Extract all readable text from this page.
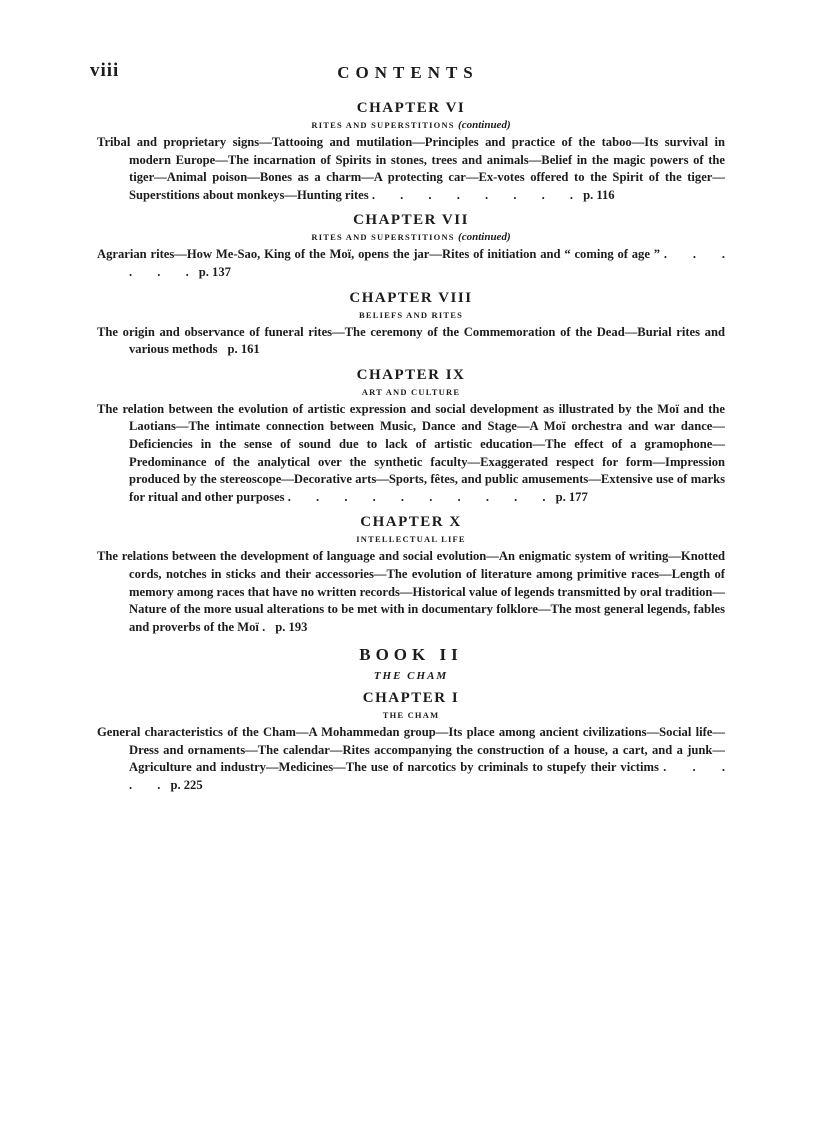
viii	CONTENTS

CHAPTER VI

RITES AND SUPERSTITIONS (continued)

Tribal and proprietary signs—Tattooing and mutilation—Principles and practice of the taboo—Its survival in modern Europe—The incarnation of Spirits in stones, trees and animals—Belief in the magic powers of the tiger—Animal poison—Bones as a charm—A protecting car—Ex-votes offered to the Spirit of the tiger—Superstitions about monkeys—Hunting rites . . . . . . . . p. 116

CHAPTER VII

RITES AND SUPERSTITIONS (continued)

Agrarian rites—How Me-Sao, King of the Moï, opens the jar—Rites of initiation and “ coming of age ” . . . . . . p. 137

CHAPTER VIII

BELIEFS AND RITES

The origin and observance of funeral rites—The ceremony of the Commemoration of the Dead—Burial rites and various methods p. 161

CHAPTER IX

ART AND CULTURE

The relation between the evolution of artistic expression and social development as illustrated by the Moï and the Laotians—The intimate connection between Music, Dance and Stage—A Moï orchestra and war dance—Deficiencies in the sense of sound due to lack of artistic education—The effect of a gramophone—Predominance of the analytical over the synthetic faculty—Exaggerated respect for form—Impression produced by the stereoscope—Decorative arts—Sports, fêtes, and public amusements—Extensive use of marks for ritual and other purposes . . . . . . . . . . p. 177

CHAPTER X

INTELLECTUAL LIFE

The relations between the development of language and social evolution—An enigmatic system of writing—Knotted cords, notches in sticks and their accessories—The evolution of literature among primitive races—Length of memory among races that have no written records—Historical value of legends transmitted by oral tradition—Nature of the more usual alterations to be met with in documentary folklore—The most general legends, fables and proverbs of the Moï . p. 193

BOOK II

THE CHAM

CHAPTER I

THE CHAM

General characteristics of the Cham—A Mohammedan group—Its place among ancient civilizations—Social life—Dress and ornaments—The calendar—Rites accompanying the construction of a house, a cart, and a junk—Agriculture and industry—Medicines—The use of narcotics by criminals to stupefy their victims . . . . . p. 225
